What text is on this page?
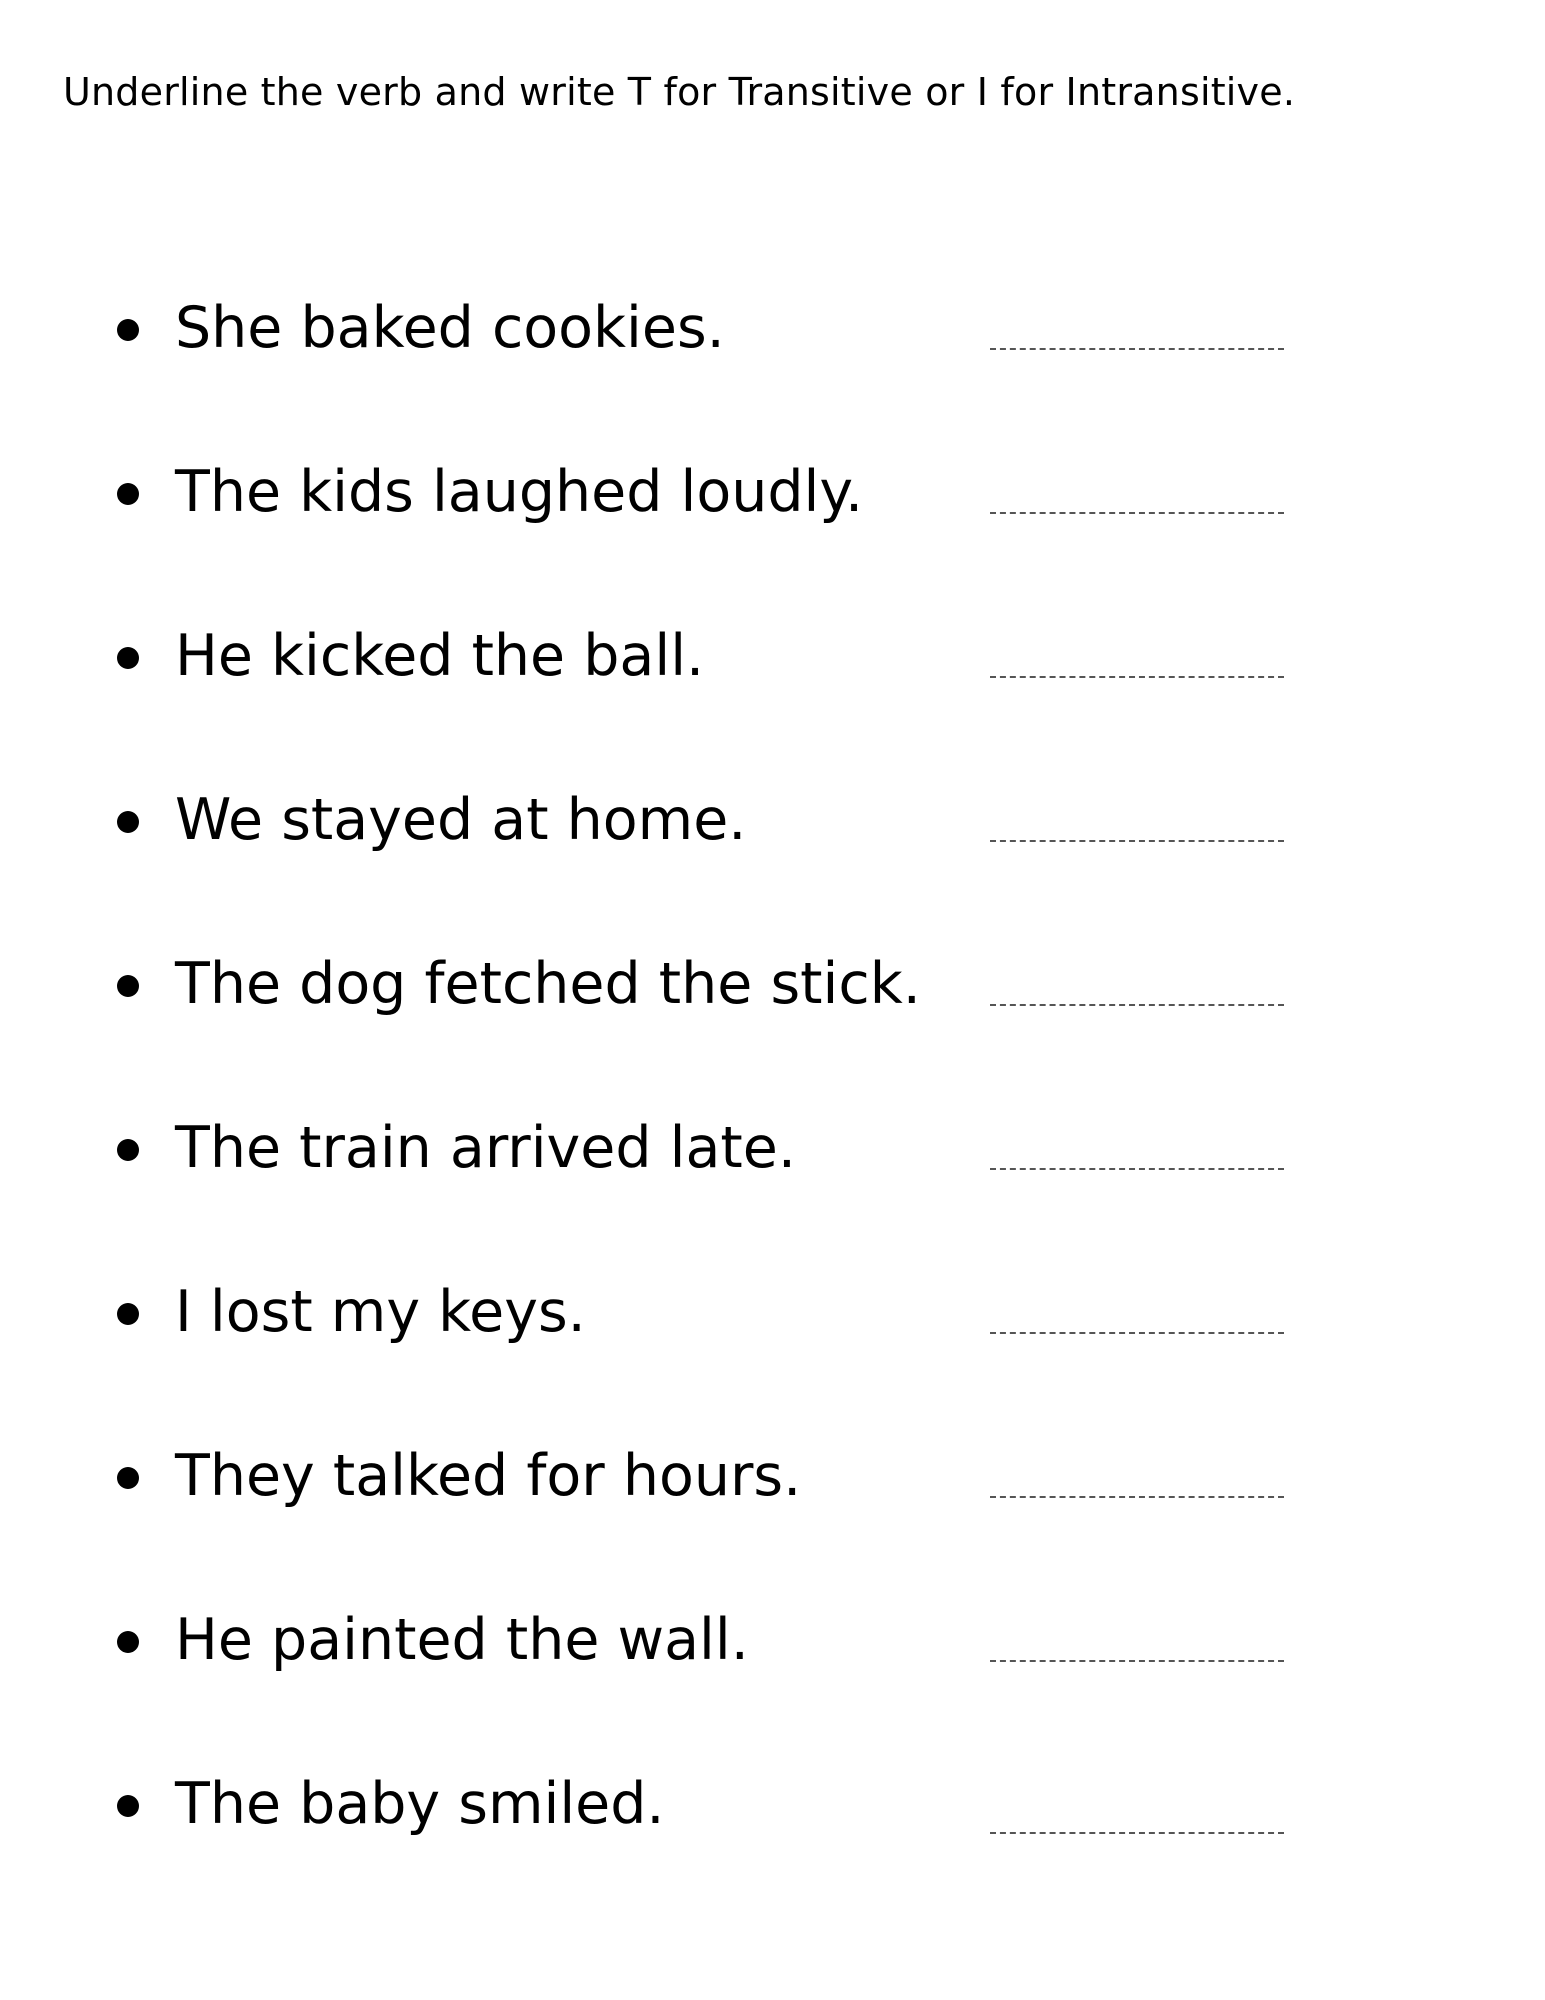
Underline the verb and write T for Transitive or I for Intransitive.
She baked cookies.
The kids laughed loudly.
He kicked the ball.
We stayed at home.
The dog fetched the stick.
The train arrived late.
I lost my keys.
They talked for hours.
He painted the wall.
The baby smiled.
